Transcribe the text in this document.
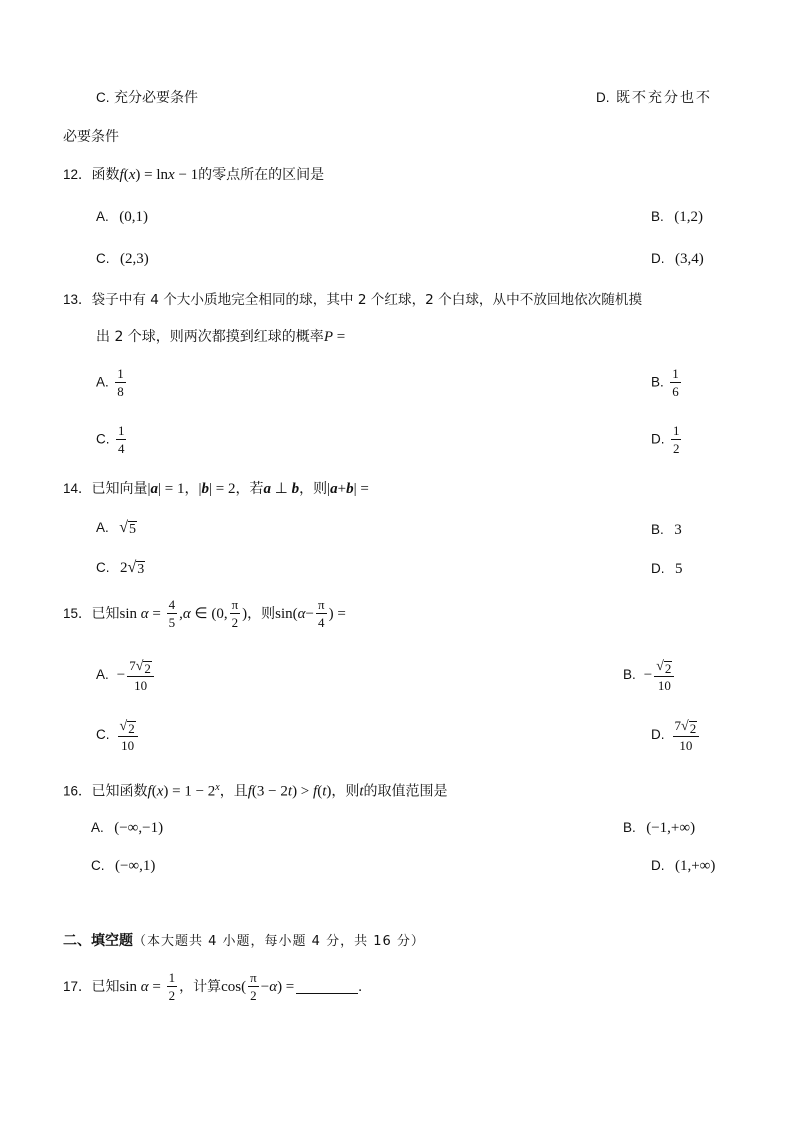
C. 充分必要条件	D. 既不充分也不
必要条件
12．函数f(x) = lnx − 1的零点所在的区间是
A. (0,1)	B. (1,2)
C. (2,3)	D. (3,4)
13．袋子中有 4 个大小质地完全相同的球，其中 2 个红球，2 个白球，从中不放回地依次随机摸
出 2 个球，则两次都摸到红球的概率P =
A. $\frac{1}{8}$	B. $\frac{1}{6}$
C. $\frac{1}{4}$	D. $\frac{1}{2}$
14．已知向量|a| = 1，|b| = 2，若a ⊥ b，则|a+b| =
A. √ 5	B. 3
C. 2 √ 3	D. 5
15． 已知 sin
$\alpha = \frac{4}{5}$ , α ∈ ( 0 , $\frac{\pi}{2}$ ) ，则 sin ( $\alpha - \frac{\pi}{4}$ ) =
A. − $\frac{7 √ 2}{10}$	B. − $\frac{√ 2}{10}$
C. $\frac{√ 2}{10}$	D. $\frac{7 √ 2}{10}$
16．已知函数$f(x) = 1 - 2^x$，且f(3 − 2t) > f(t)，则t的取值范围是
A. (−∞,−1)	B. (−1,+∞)
C. (−∞,1)	D. (1,+∞)
二、填空题（本大题共 4 小题，每小题 4 分，共 16 分）
17． 已知 sin
$\alpha = \frac{1}{2}$ ，计算 cos ( $\frac{\pi}{2} - \alpha$ ) =	.
